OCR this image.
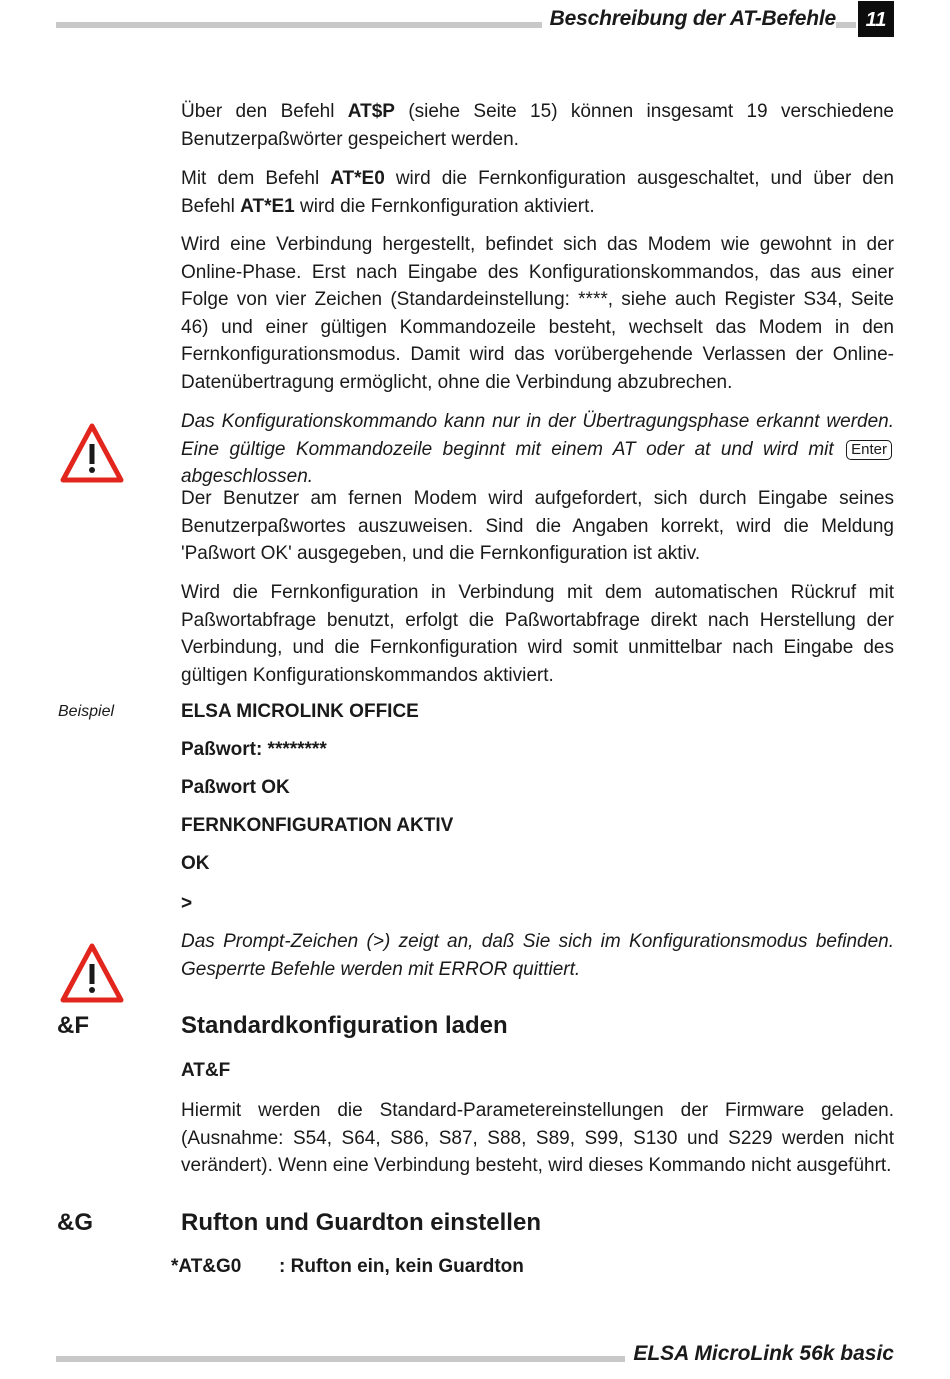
Beschreibung der AT-Befehle	11

Über den Befehl AT$P (siehe Seite 15) können insgesamt 19 verschiedene Benutzerpaßwörter gespeichert werden.

Mit dem Befehl AT*E0 wird die Fernkonfiguration ausgeschaltet, und über den Befehl AT*E1 wird die Fernkonfiguration aktiviert.

Wird eine Verbindung hergestellt, befindet sich das Modem wie gewohnt in der Online-Phase. Erst nach Eingabe des Konfigurationskommandos, das aus einer Folge von vier Zeichen (Standardeinstellung: ****, siehe auch Register S34, Seite 46) und einer gültigen Kommandozeile besteht, wechselt das Modem in den Fernkonfigurationsmodus. Damit wird das vorübergehende Verlassen der Online-Datenübertragung ermöglicht, ohne die Verbindung abzubrechen.

Das Konfigurationskommando kann nur in der Übertragungsphase erkannt werden. Eine gültige Kommandozeile beginnt mit einem AT oder at und wird mit Enter abgeschlossen.

Der Benutzer am fernen Modem wird aufgefordert, sich durch Eingabe seines Benutzerpaßwortes auszuweisen. Sind die Angaben korrekt, wird die Meldung 'Paßwort OK' ausgegeben, und die Fernkonfiguration ist aktiv.

Wird die Fernkonfiguration in Verbindung mit dem automatischen Rückruf mit Paßwortabfrage benutzt, erfolgt die Paßwortabfrage direkt nach Herstellung der Verbindung, und die Fernkonfiguration wird somit unmittelbar nach Eingabe des gültigen Konfigurationskommandos aktiviert.

Beispiel	ELSA MICROLINK OFFICE
Paßwort: ********
Paßwort OK
FERNKONFIGURATION AKTIV
OK
>

Das Prompt-Zeichen (>) zeigt an, daß Sie sich im Konfigurationsmodus befinden. Gesperrte Befehle werden mit ERROR quittiert.

&F	Standardkonfiguration laden
AT&F

Hiermit werden die Standard-Parametereinstellungen der Firmware geladen. (Ausnahme: S54, S64, S86, S87, S88, S89, S99, S130 und S229 werden nicht verändert). Wenn eine Verbindung besteht, wird dieses Kommando nicht ausgeführt.

&G	Rufton und Guardton einstellen
*AT&G0 : Rufton ein, kein Guardton
ELSA MicroLink 56k basic
